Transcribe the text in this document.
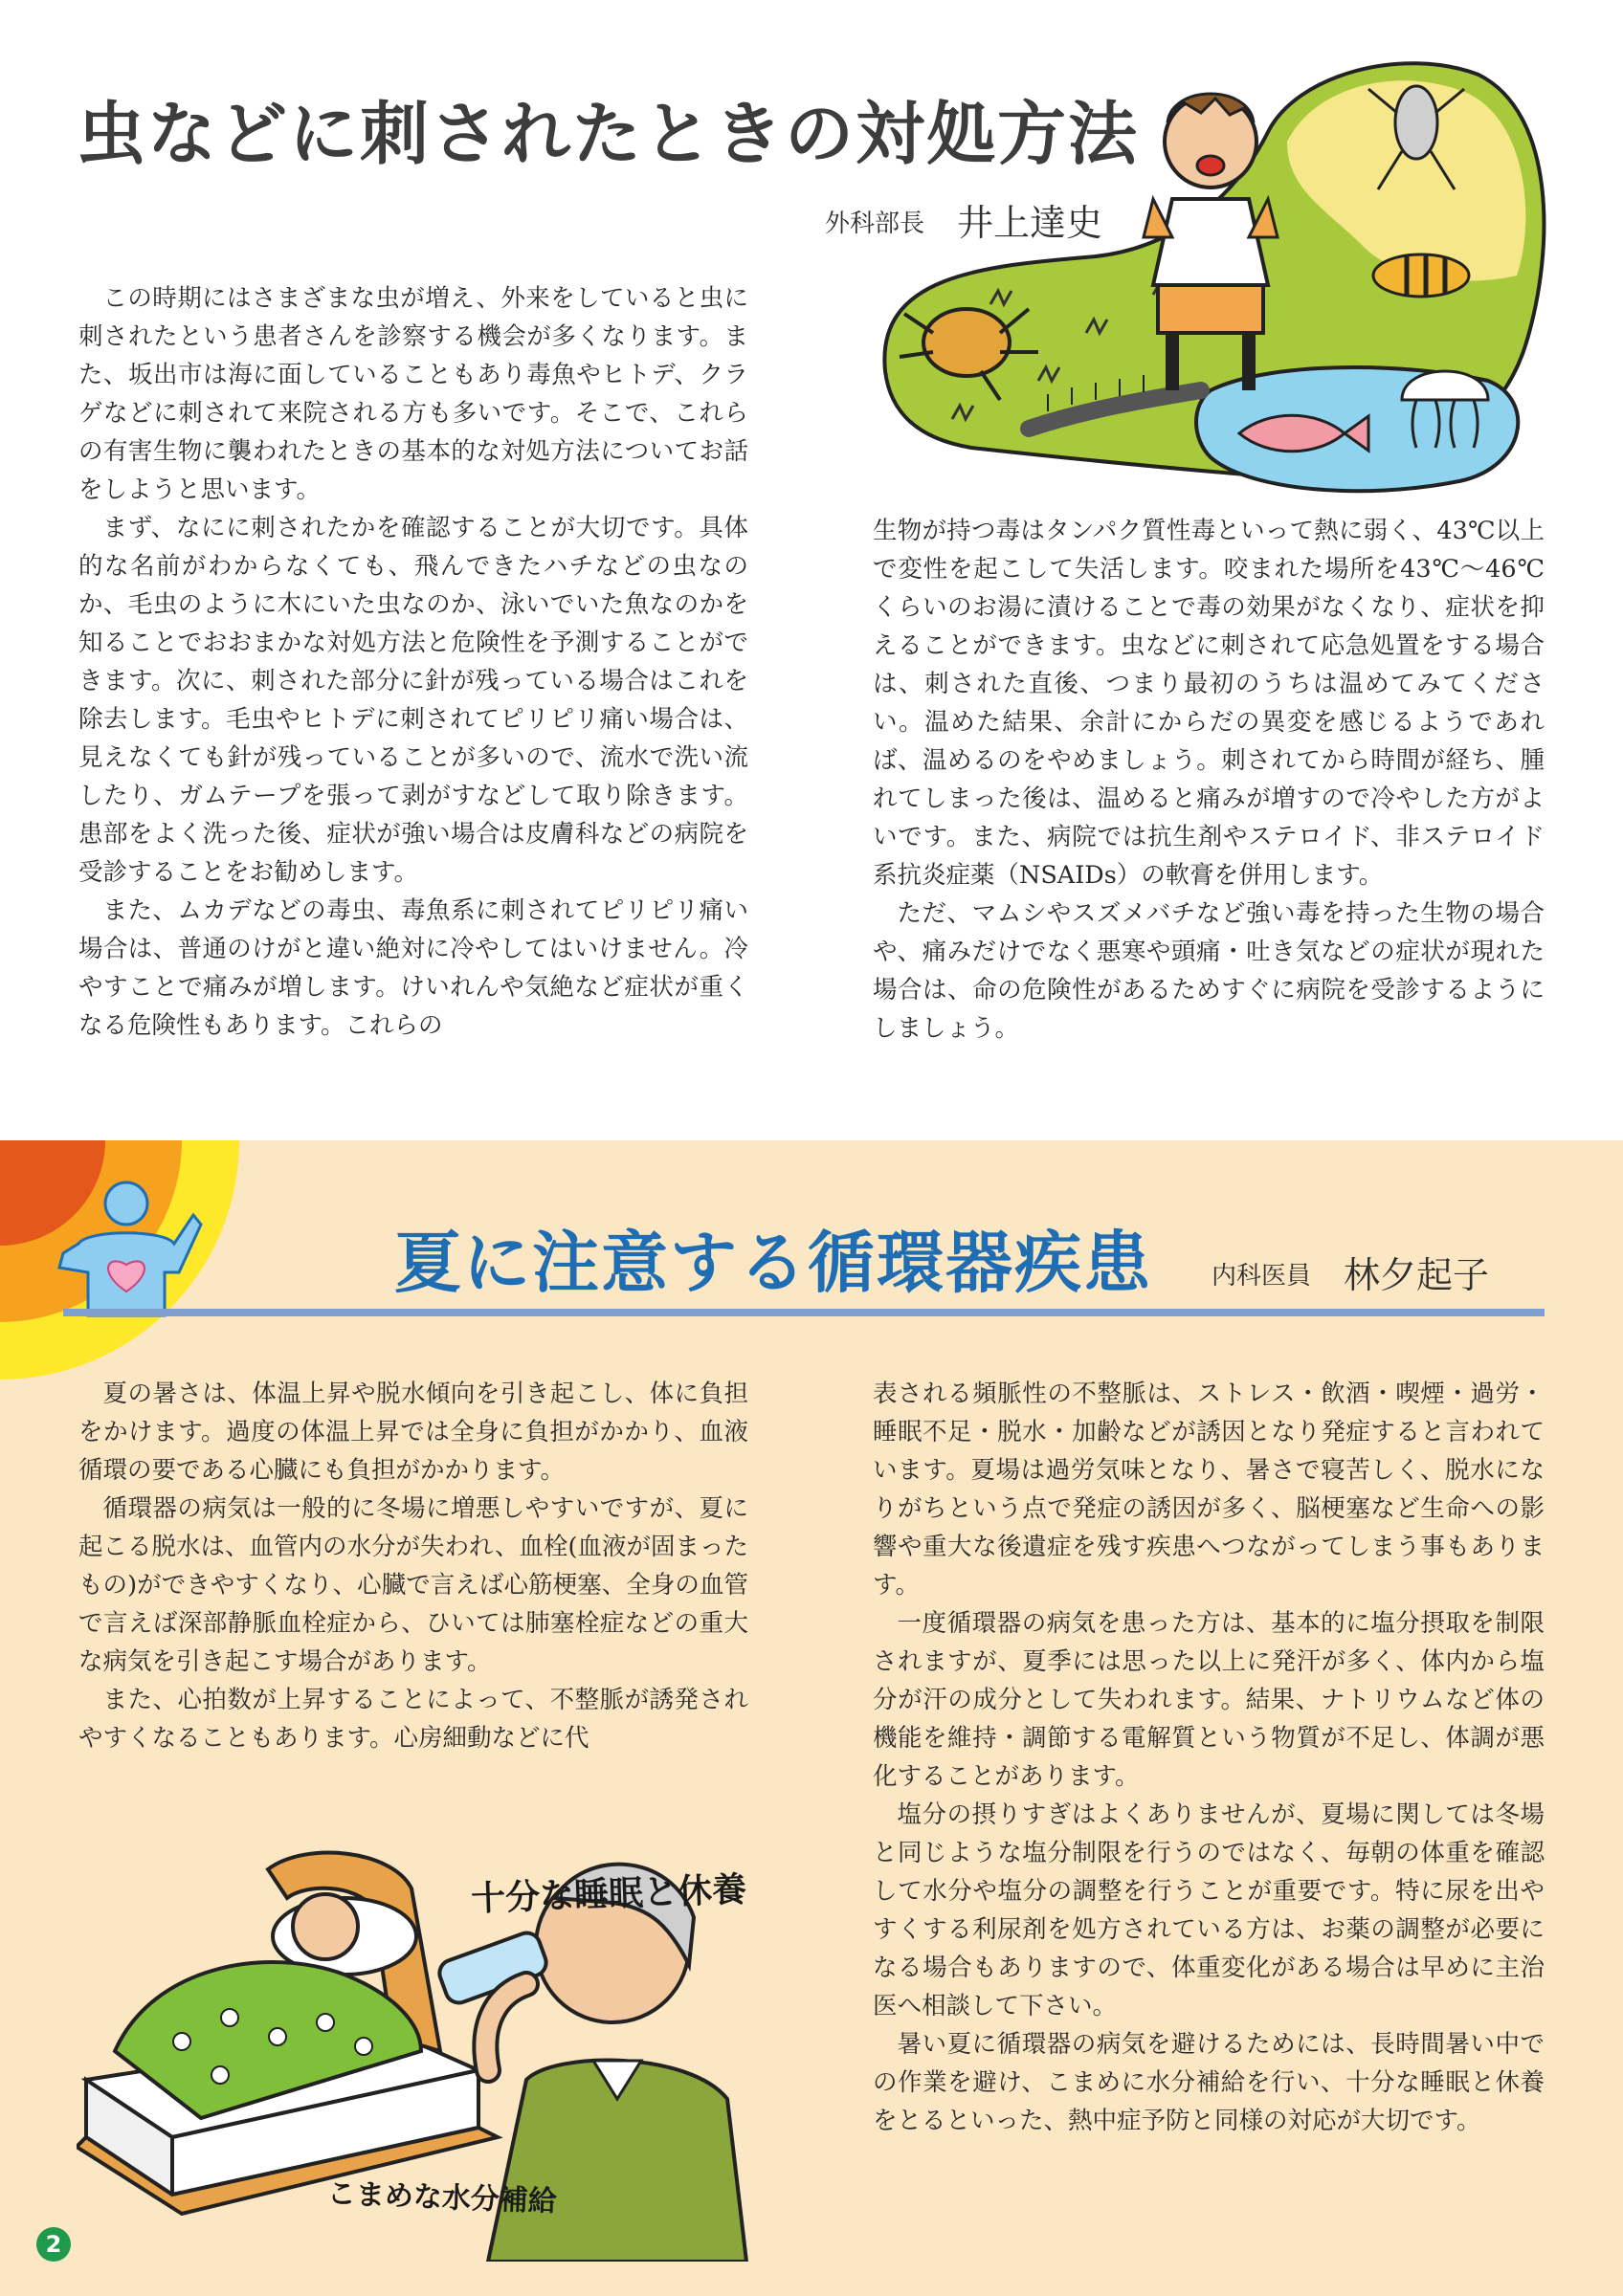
虫などに刺されたときの対処方法
外科部長 井上達史

この時期にはさまざまな虫が増え、外来をしていると虫に刺されたという患者さんを診察する機会が多くなります。また、坂出市は海に面していることもあり毒魚やヒトデ、クラゲなどに刺されて来院される方も多いです。そこで、これらの有害生物に襲われたときの基本的な対処方法についてお話をしようと思います。

まず、なにに刺されたかを確認することが大切です。具体的な名前がわからなくても、飛んできたハチなどの虫なのか、毛虫のように木にいた虫なのか、泳いでいた魚なのかを知ることでおおまかな対処方法と危険性を予測することができます。次に、刺された部分に針が残っている場合はこれを除去します。毛虫やヒトデに刺されてピリピリ痛い場合は、見えなくても針が残っていることが多いので、流水で洗い流したり、ガムテープを張って剥がすなどして取り除きます。患部をよく洗った後、症状が強い場合は皮膚科などの病院を受診することをお勧めします。

また、ムカデなどの毒虫、毒魚系に刺されてピリピリ痛い場合は、普通のけがと違い絶対に冷やしてはいけません。冷やすことで痛みが増します。けいれんや気絶など症状が重くなる危険性もあります。これらの

生物が持つ毒はタンパク質性毒といって熱に弱く、43℃以上で変性を起こして失活します。咬まれた場所を43℃〜46℃くらいのお湯に漬けることで毒の効果がなくなり、症状を抑えることができます。虫などに刺されて応急処置をする場合は、刺された直後、つまり最初のうちは温めてみてください。温めた結果、余計にからだの異変を感じるようであれば、温めるのをやめましょう。刺されてから時間が経ち、腫れてしまった後は、温めると痛みが増すので冷やした方がよいです。また、病院では抗生剤やステロイド、非ステロイド系抗炎症薬（NSAIDs）の軟膏を併用します。

ただ、マムシやスズメバチなど強い毒を持った生物の場合や、痛みだけでなく悪寒や頭痛・吐き気などの症状が現れた場合は、命の危険性があるためすぐに病院を受診するようにしましょう。

夏に注意する循環器疾患 内科医員 林夕起子

夏の暑さは、体温上昇や脱水傾向を引き起こし、体に負担をかけます。過度の体温上昇では全身に負担がかかり、血液循環の要である心臓にも負担がかかります。

循環器の病気は一般的に冬場に増悪しやすいですが、夏に起こる脱水は、血管内の水分が失われ、血栓(血液が固まったもの)ができやすくなり、心臓で言えば心筋梗塞、全身の血管で言えば深部静脈血栓症から、ひいては肺塞栓症などの重大な病気を引き起こす場合があります。

また、心拍数が上昇することによって、不整脈が誘発されやすくなることもあります。心房細動などに代

表される頻脈性の不整脈は、ストレス・飲酒・喫煙・過労・睡眠不足・脱水・加齢などが誘因となり発症すると言われています。夏場は過労気味となり、暑さで寝苦しく、脱水になりがちという点で発症の誘因が多く、脳梗塞など生命への影響や重大な後遺症を残す疾患へつながってしまう事もあります。

一度循環器の病気を患った方は、基本的に塩分摂取を制限されますが、夏季には思った以上に発汗が多く、体内から塩分が汗の成分として失われます。結果、ナトリウムなど体の機能を維持・調節する電解質という物質が不足し、体調が悪化することがあります。

塩分の摂りすぎはよくありませんが、夏場に関しては冬場と同じような塩分制限を行うのではなく、毎朝の体重を確認して水分や塩分の調整を行うことが重要です。特に尿を出やすくする利尿剤を処方されている方は、お薬の調整が必要になる場合もありますので、体重変化がある場合は早めに主治医へ相談して下さい。

暑い夏に循環器の病気を避けるためには、長時間暑い中での作業を避け、こまめに水分補給を行い、十分な睡眠と休養をとるといった、熱中症予防と同様の対応が大切です。

十分な睡眠と休養
こまめな水分補給
2
